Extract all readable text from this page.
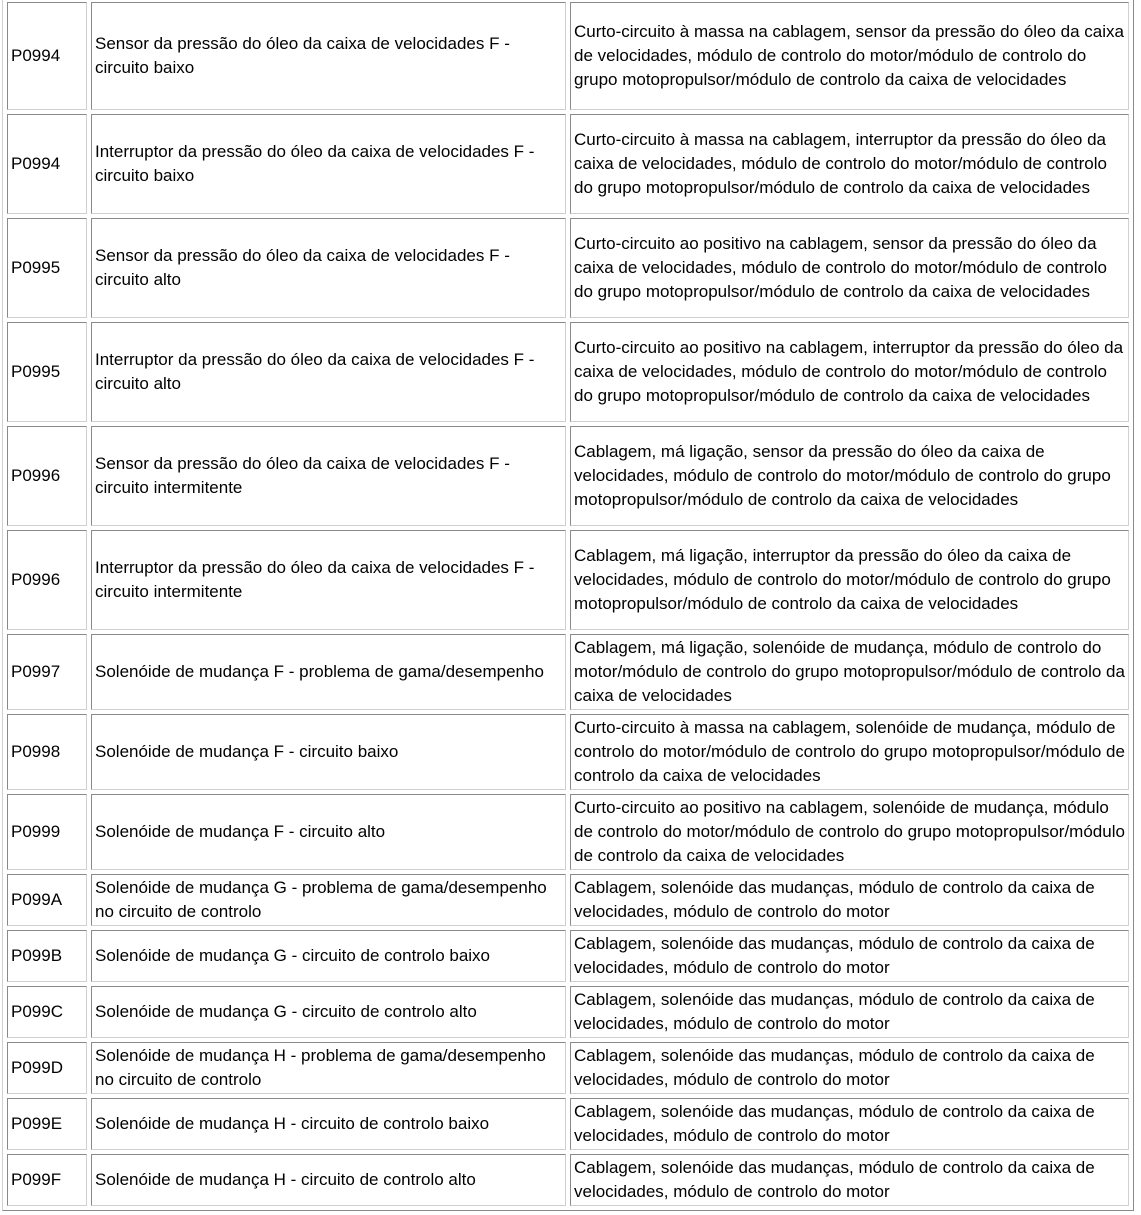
P0994	Sensor da pressão do óleo da caixa de velocidades F - circuito baixo	Curto-circuito à massa na cablagem, sensor da pressão do óleo da caixa de velocidades, módulo de controlo do motor/módulo de controlo do grupo motopropulsor/módulo de controlo da caixa de velocidades
P0994	Interruptor da pressão do óleo da caixa de velocidades F - circuito baixo	Curto-circuito à massa na cablagem, interruptor da pressão do óleo da caixa de velocidades, módulo de controlo do motor/módulo de controlo do grupo motopropulsor/módulo de controlo da caixa de velocidades
P0995	Sensor da pressão do óleo da caixa de velocidades F - circuito alto	Curto-circuito ao positivo na cablagem, sensor da pressão do óleo da caixa de velocidades, módulo de controlo do motor/módulo de controlo do grupo motopropulsor/módulo de controlo da caixa de velocidades
P0995	Interruptor da pressão do óleo da caixa de velocidades F - circuito alto	Curto-circuito ao positivo na cablagem, interruptor da pressão do óleo da caixa de velocidades, módulo de controlo do motor/módulo de controlo do grupo motopropulsor/módulo de controlo da caixa de velocidades
P0996	Sensor da pressão do óleo da caixa de velocidades F - circuito intermitente	Cablagem, má ligação, sensor da pressão do óleo da caixa de velocidades, módulo de controlo do motor/módulo de controlo do grupo motopropulsor/módulo de controlo da caixa de velocidades
P0996	Interruptor da pressão do óleo da caixa de velocidades F - circuito intermitente	Cablagem, má ligação, interruptor da pressão do óleo da caixa de velocidades, módulo de controlo do motor/módulo de controlo do grupo motopropulsor/módulo de controlo da caixa de velocidades
P0997	Solenóide de mudança F - problema de gama/desempenho	Cablagem, má ligação, solenóide de mudança, módulo de controlo do motor/módulo de controlo do grupo motopropulsor/módulo de controlo da caixa de velocidades
P0998	Solenóide de mudança F - circuito baixo	Curto-circuito à massa na cablagem, solenóide de mudança, módulo de controlo do motor/módulo de controlo do grupo motopropulsor/módulo de controlo da caixa de velocidades
P0999	Solenóide de mudança F - circuito alto	Curto-circuito ao positivo na cablagem, solenóide de mudança, módulo de controlo do motor/módulo de controlo do grupo motopropulsor/módulo de controlo da caixa de velocidades
P099A	Solenóide de mudança G - problema de gama/desempenho no circuito de controlo	Cablagem, solenóide das mudanças, módulo de controlo da caixa de velocidades, módulo de controlo do motor
P099B	Solenóide de mudança G - circuito de controlo baixo	Cablagem, solenóide das mudanças, módulo de controlo da caixa de velocidades, módulo de controlo do motor
P099C	Solenóide de mudança G - circuito de controlo alto	Cablagem, solenóide das mudanças, módulo de controlo da caixa de velocidades, módulo de controlo do motor
P099D	Solenóide de mudança H - problema de gama/desempenho no circuito de controlo	Cablagem, solenóide das mudanças, módulo de controlo da caixa de velocidades, módulo de controlo do motor
P099E	Solenóide de mudança H - circuito de controlo baixo	Cablagem, solenóide das mudanças, módulo de controlo da caixa de velocidades, módulo de controlo do motor
P099F	Solenóide de mudança H - circuito de controlo alto	Cablagem, solenóide das mudanças, módulo de controlo da caixa de velocidades, módulo de controlo do motor
